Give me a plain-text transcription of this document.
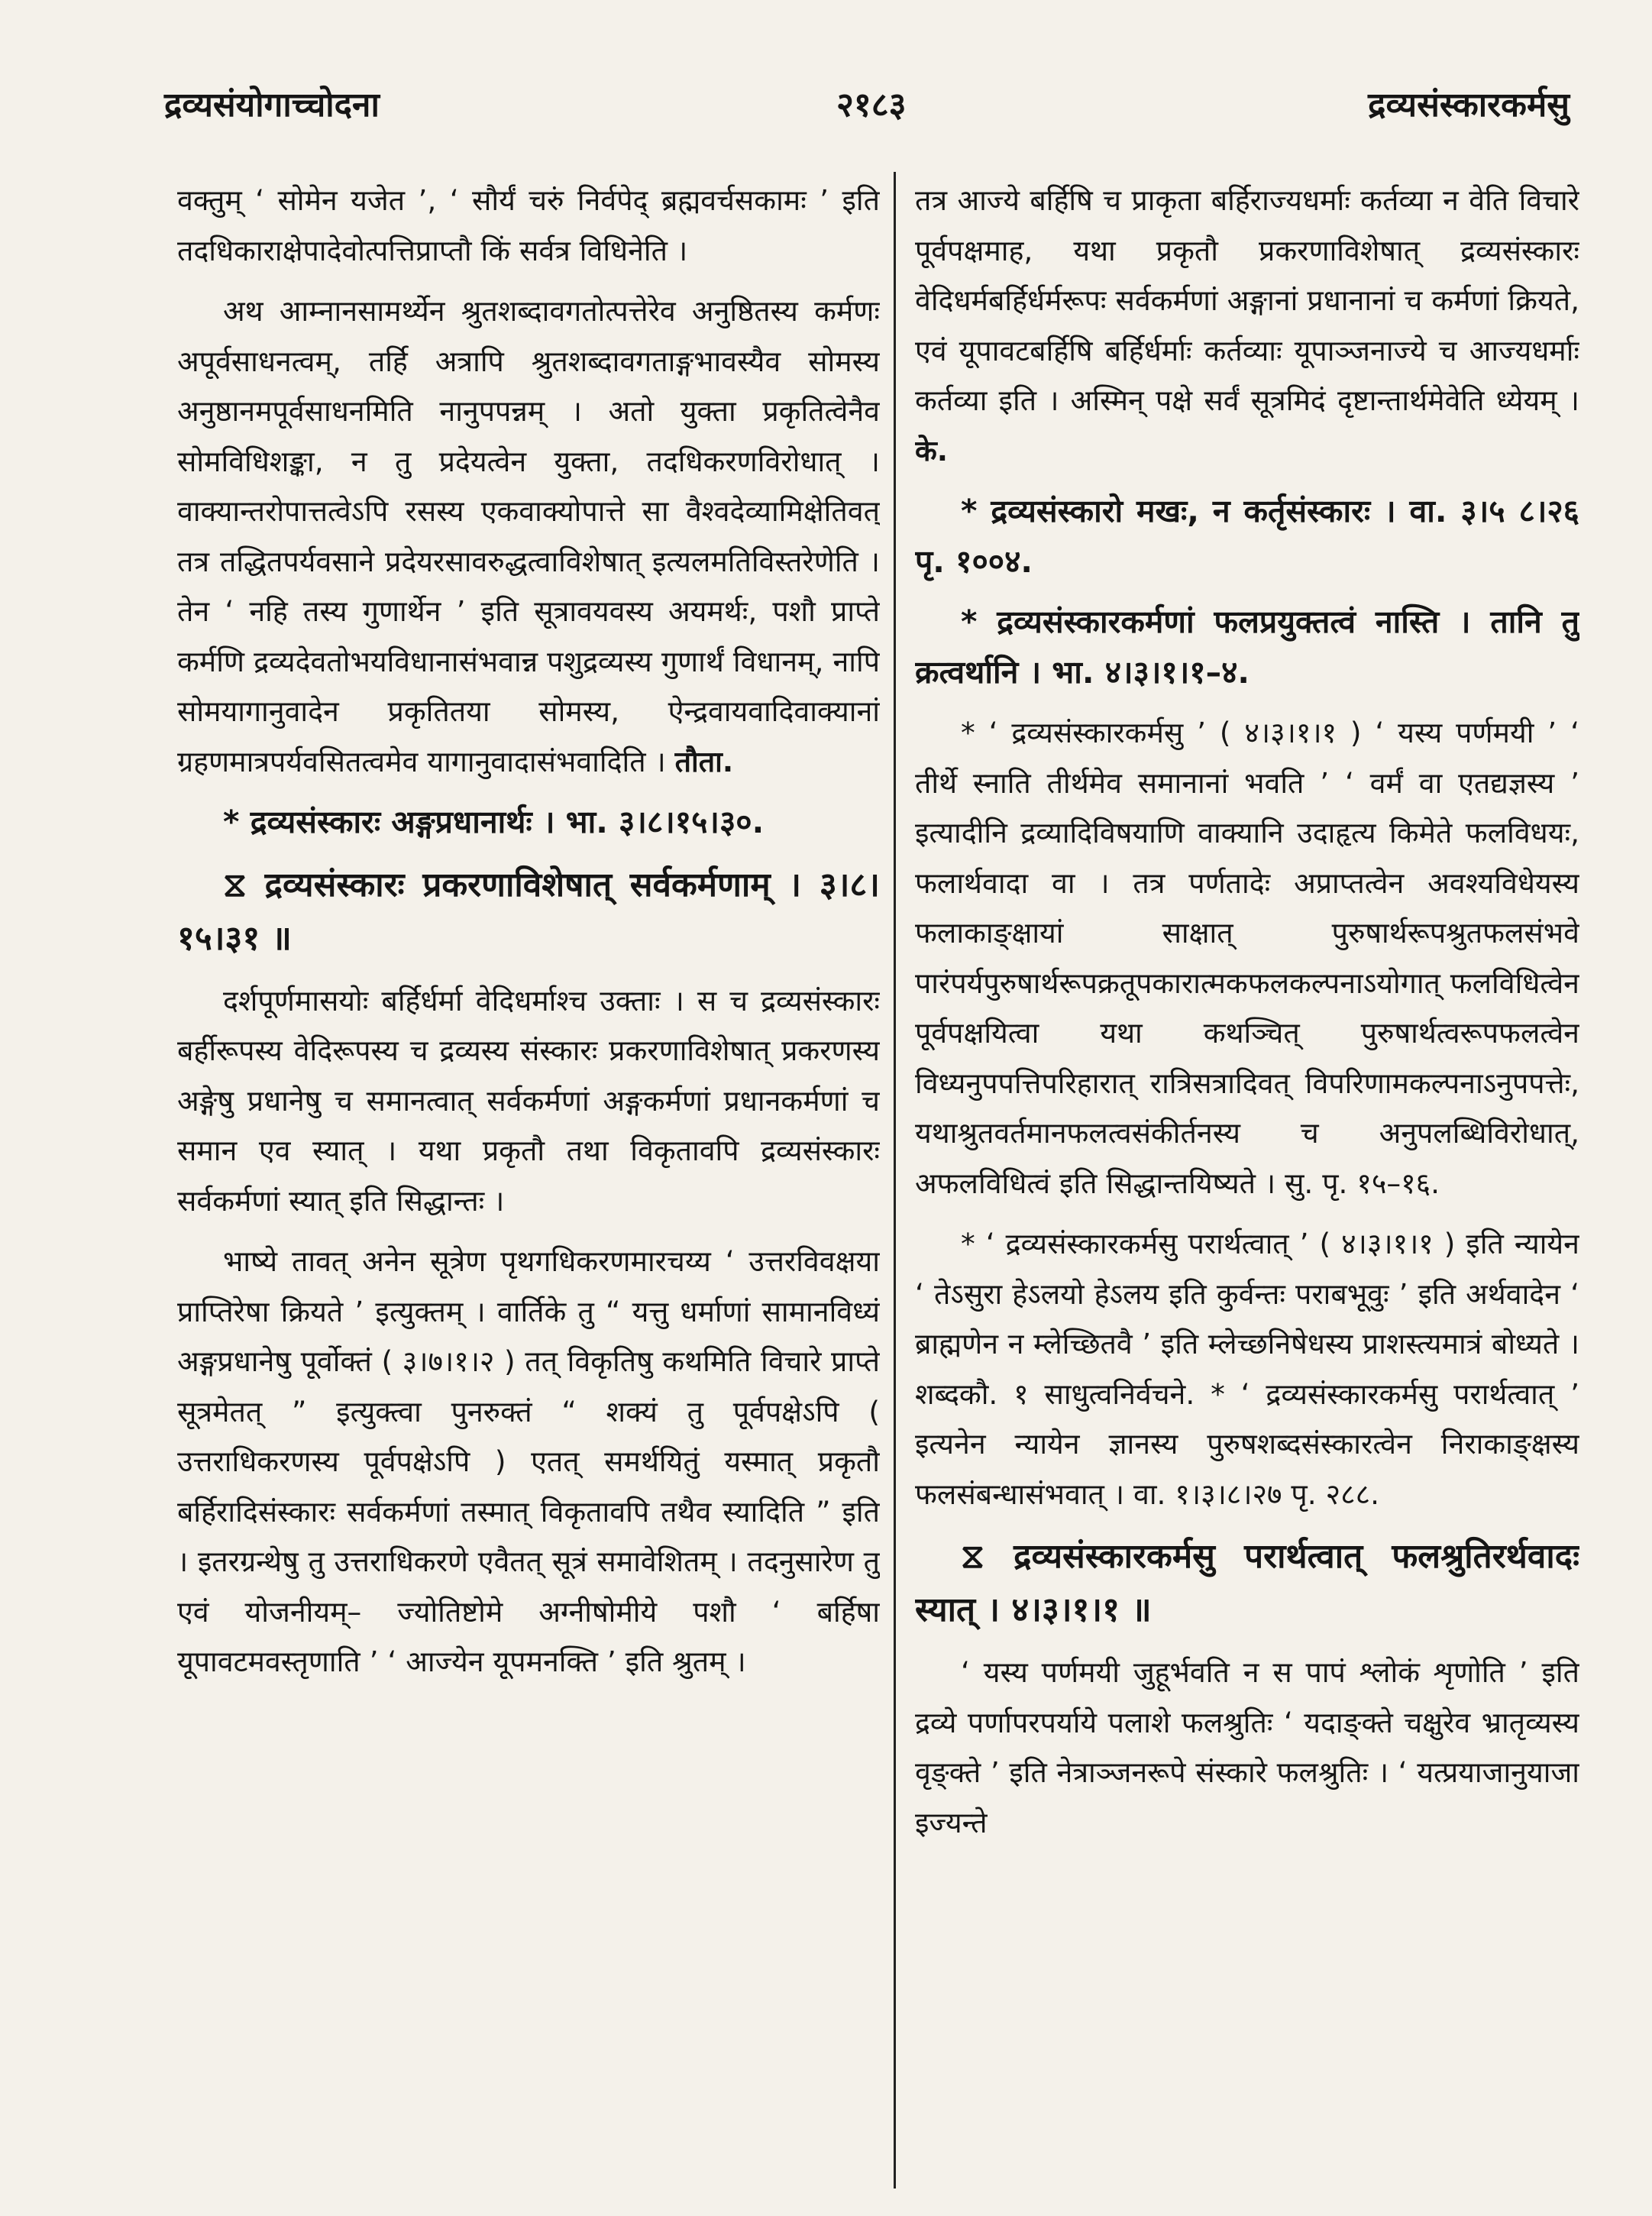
द्रव्यसंयोगाच्चोदना	२१८३	द्रव्यसंस्कारकर्मसु

वक्तुम् ‘ सोमेन यजेत ’, ‘ सौर्यं चरुं निर्वपेद् ब्रह्मवर्चसकामः ’ इति तदधिकाराक्षेपादेवोत्पत्तिप्राप्तौ किं सर्वत्र विधिनेति ।

अथ आम्नानसामर्थ्येन श्रुतशब्दावगतोत्पत्तेरेव अनुष्ठितस्य कर्मणः अपूर्वसाधनत्वम्, तर्हि अत्रापि श्रुतशब्दावगताङ्गभावस्यैव सोमस्य अनुष्ठानमपूर्वसाधनमिति नानुपपन्नम् । अतो युक्ता प्रकृतित्वेनैव सोमविधिशङ्का, न तु प्रदेयत्वेन युक्ता, तदधिकरणविरोधात् । वाक्यान्तरोपात्तत्वेऽपि रसस्य एकवाक्योपात्ते सा वैश्वदेव्यामिक्षेतिवत् तत्र तद्धितपर्यवसाने प्रदेयरसावरुद्धत्वाविशेषात् इत्यलमतिविस्तरेणेति । तेन ‘ नहि तस्य गुणार्थेन ’ इति सूत्रावयवस्य अयमर्थः, पशौ प्राप्ते कर्मणि द्रव्यदेवतोभयविधानासंभवान्न पशुद्रव्यस्य गुणार्थं विधानम्, नापि सोमयागानुवादेन प्रकृतितया सोमस्य, ऐन्द्रवायवादिवाक्यानां ग्रहणमात्रपर्यवसितत्वमेव यागानुवादासंभवादिति । तौता.

* द्रव्यसंस्कारः अङ्गप्रधानार्थः । भा. ३।८।१५।३०.

⧖ द्रव्यसंस्कारः प्रकरणाविशेषात् सर्वकर्मणाम् । ३।८।१५।३१ ॥

दर्शपूर्णमासयोः बर्हिर्धर्मा वेदिधर्माश्च उक्ताः । स च द्रव्यसंस्कारः बर्हीरूपस्य वेदिरूपस्य च द्रव्यस्य संस्कारः प्रकरणाविशेषात् प्रकरणस्य अङ्गेषु प्रधानेषु च समानत्वात् सर्वकर्मणां अङ्गकर्मणां प्रधानकर्मणां च समान एव स्यात् । यथा प्रकृतौ तथा विकृतावपि द्रव्यसंस्कारः सर्वकर्मणां स्यात् इति सिद्धान्तः ।

भाष्ये तावत् अनेन सूत्रेण पृथगधिकरणमारचय्य ‘ उत्तरविवक्षया प्राप्तिरेषा क्रियते ’ इत्युक्तम् । वार्तिके तु “ यत्तु धर्माणां सामानविध्यं अङ्गप्रधानेषु पूर्वोक्तं ( ३।७।१।२ ) तत् विकृतिषु कथमिति विचारे प्राप्ते सूत्रमेतत् ” इत्युक्त्वा पुनरुक्तं “ शक्यं तु पूर्वपक्षेऽपि ( उत्तराधिकरणस्य पूर्वपक्षेऽपि ) एतत् समर्थयितुं यस्मात् प्रकृतौ बर्हिरादिसंस्कारः सर्वकर्मणां तस्मात् विकृतावपि तथैव स्यादिति ” इति । इतरग्रन्थेषु तु उत्तराधिकरणे एवैतत् सूत्रं समावेशितम् । तदनुसारेण तु एवं योजनीयम्– ज्योतिष्टोमे अग्नीषोमीये पशौ ‘ बर्हिषा यूपावटमवस्तृणाति ’ ‘ आज्येन यूपमनक्ति ’ इति श्रुतम् ।

तत्र आज्ये बर्हिषि च प्राकृता बर्हिराज्यधर्माः कर्तव्या न वेति विचारे पूर्वपक्षमाह, यथा प्रकृतौ प्रकरणाविशेषात् द्रव्यसंस्कारः वेदिधर्मबर्हिर्धर्मरूपः सर्वकर्मणां अङ्गानां प्रधानानां च कर्मणां क्रियते, एवं यूपावटबर्हिषि बर्हिर्धर्माः कर्तव्याः यूपाञ्जनाज्ये च आज्यधर्माः कर्तव्या इति । अस्मिन् पक्षे सर्वं सूत्रमिदं दृष्टान्तार्थमेवेति ध्येयम् । के.

* द्रव्यसंस्कारो मखः, न कर्तृसंस्कारः । वा. ३।५ ८।२६ पृ. १००४.

* द्रव्यसंस्कारकर्मणां फलप्रयुक्तत्वं नास्ति । तानि तु क्रत्वर्थानि । भा. ४।३।१।१–४.

* ‘ द्रव्यसंस्कारकर्मसु ’ ( ४।३।१।१ ) ‘ यस्य पर्णमयी ’ ‘ तीर्थे स्नाति तीर्थमेव समानानां भवति ’ ‘ वर्मं वा एतद्यज्ञस्य ’ इत्यादीनि द्रव्यादिविषयाणि वाक्यानि उदाहृत्य किमेते फलविधयः, फलार्थवादा वा । तत्र पर्णतादेः अप्राप्तत्वेन अवश्यविधेयस्य फलाकाङ्क्षायां साक्षात् पुरुषार्थरूपश्रुतफलसंभवे पारंपर्यपुरुषार्थरूपक्रतूपकारात्मकफलकल्पनाऽयोगात् फलविधित्वेन पूर्वपक्षयित्वा यथा कथञ्चित् पुरुषार्थत्वरूपफलत्वेन विध्यनुपपत्तिपरिहारात् रात्रिसत्रादिवत् विपरिणामकल्पनाऽनुपपत्तेः, यथाश्रुतवर्तमानफलत्वसंकीर्तनस्य च अनुपलब्धिविरोधात्, अफलविधित्वं इति सिद्धान्तयिष्यते । सु. पृ. १५–१६.

* ‘ द्रव्यसंस्कारकर्मसु परार्थत्वात् ’ ( ४।३।१।१ ) इति न्यायेन ‘ तेऽसुरा हेऽलयो हेऽलय इति कुर्वन्तः पराबभूवुः ’ इति अर्थवादेन ‘ ब्राह्मणेन न म्लेच्छितवै ’ इति म्लेच्छनिषेधस्य प्राशस्त्यमात्रं बोध्यते । शब्दकौ. १ साधुत्वनिर्वचने. * ‘ द्रव्यसंस्कारकर्मसु परार्थत्वात् ’ इत्यनेन न्यायेन ज्ञानस्य पुरुषशब्दसंस्कारत्वेन निराकाङ्क्षस्य फलसंबन्धासंभवात् । वा. १।३।८।२७ पृ. २८८.

⧖ द्रव्यसंस्कारकर्मसु परार्थत्वात् फलश्रुतिरर्थवादः स्यात् । ४।३।१।१ ॥

‘ यस्य पर्णमयी जुहूर्भवति न स पापं श्लोकं शृणोति ’ इति द्रव्ये पर्णापरपर्याये पलाशे फलश्रुतिः ‘ यदाङ्क्ते चक्षुरेव भ्रातृव्यस्य वृङ्क्ते ’ इति नेत्राञ्जनरूपे संस्कारे फलश्रुतिः । ‘ यत्प्रयाजानुयाजा इज्यन्ते
